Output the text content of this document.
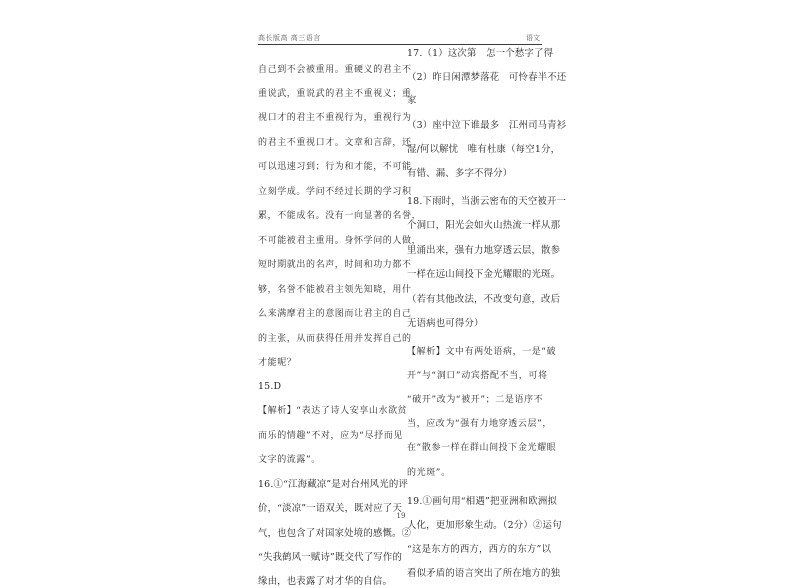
高长版高 高三语言	语文
自己到不会被重用。重硬义的君主不
重说武，重说武的君主不重视义；重
视口才的君主不重视行为，重视行为
的君主不重视口才。文章和言辞，还
可以迅速习到；行为和才能，不可能
立刻学成。学问不经过长期的学习积
累，不能成名。没有一向显著的名誉，
不可能被君主重用。身怀学问的人做，
短时期就出的名声，时间和功力都不
够，名誉不能被君主领先知晓，用什
么来满摩君主的意图而让君主的自己
的主张，从而获得任用并发挥自己的
才能呢？
15.D
【解析】“表达了诗人安享山水欲贫
而乐的情趣”不对，应为“尽抒而见
文字的流露”。
16.①“江海藏凉”是对台州风光的评
价，“淡凉”一语双关，既对应了天
气，也包含了对国家处境的感慨。②
“失我鹤风一赋诗”既交代了写作的
缘由，也表露了对才华的自信。
17.（1）这次第　怎一个愁字了得
（2）昨日闲潭梦落花　可怜春半不还
家
（3）座中泣下谁最多　江州司马青衫
湿/何以解忧　唯有杜康（每空1分，
有错、漏、多字不得分）
18.下雨时，当浙云密布的天空被开一
个洞口，阳光会如火山热流一样从那
里涌出来，强有力地穿透云层，散参
一样在远山间投下金光耀眼的光斑。
（若有其他改法，不改变句意，改后
无语病也可得分）
【解析】文中有两处语病，一是“破
开”与“洞口”动宾搭配不当，可将
“破开”改为“被开”；二是语序不
当，应改为“强有力地穿透云层”，
在“散参一样在群山间投下金光耀眼
的光斑”。
19.①画句用“相遇”把亚洲和欧洲拟
人化，更加形象生动。（2分）②运句
“这是东方的西方，西方的东方”以
看似矛盾的语言突出了所在地方的独
19
